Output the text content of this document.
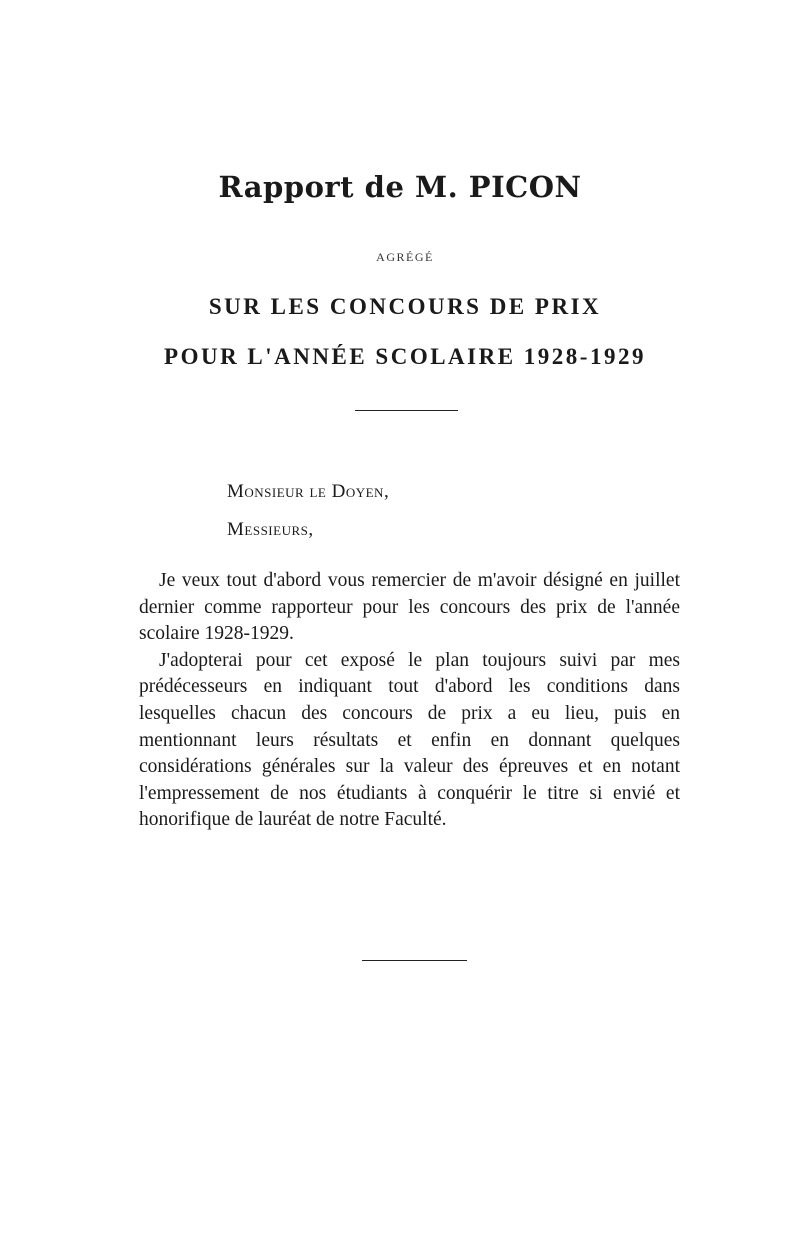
Rapport de M. PICON
AGRÉGÉ
SUR LES CONCOURS DE PRIX
POUR L'ANNÉE SCOLAIRE 1928-1929
Monsieur le Doyen,
Messieurs,

Je veux tout d'abord vous remercier de m'avoir désigné en juillet dernier comme rapporteur pour les concours des prix de l'année scolaire 1928-1929.

J'adopterai pour cet exposé le plan toujours suivi par mes prédécesseurs en indiquant tout d'abord les conditions dans lesquelles chacun des concours de prix a eu lieu, puis en mentionnant leurs résultats et enfin en donnant quelques considérations générales sur la valeur des épreuves et en notant l'empressement de nos étudiants à conquérir le titre si envié et honorifique de lauréat de notre Faculté.
